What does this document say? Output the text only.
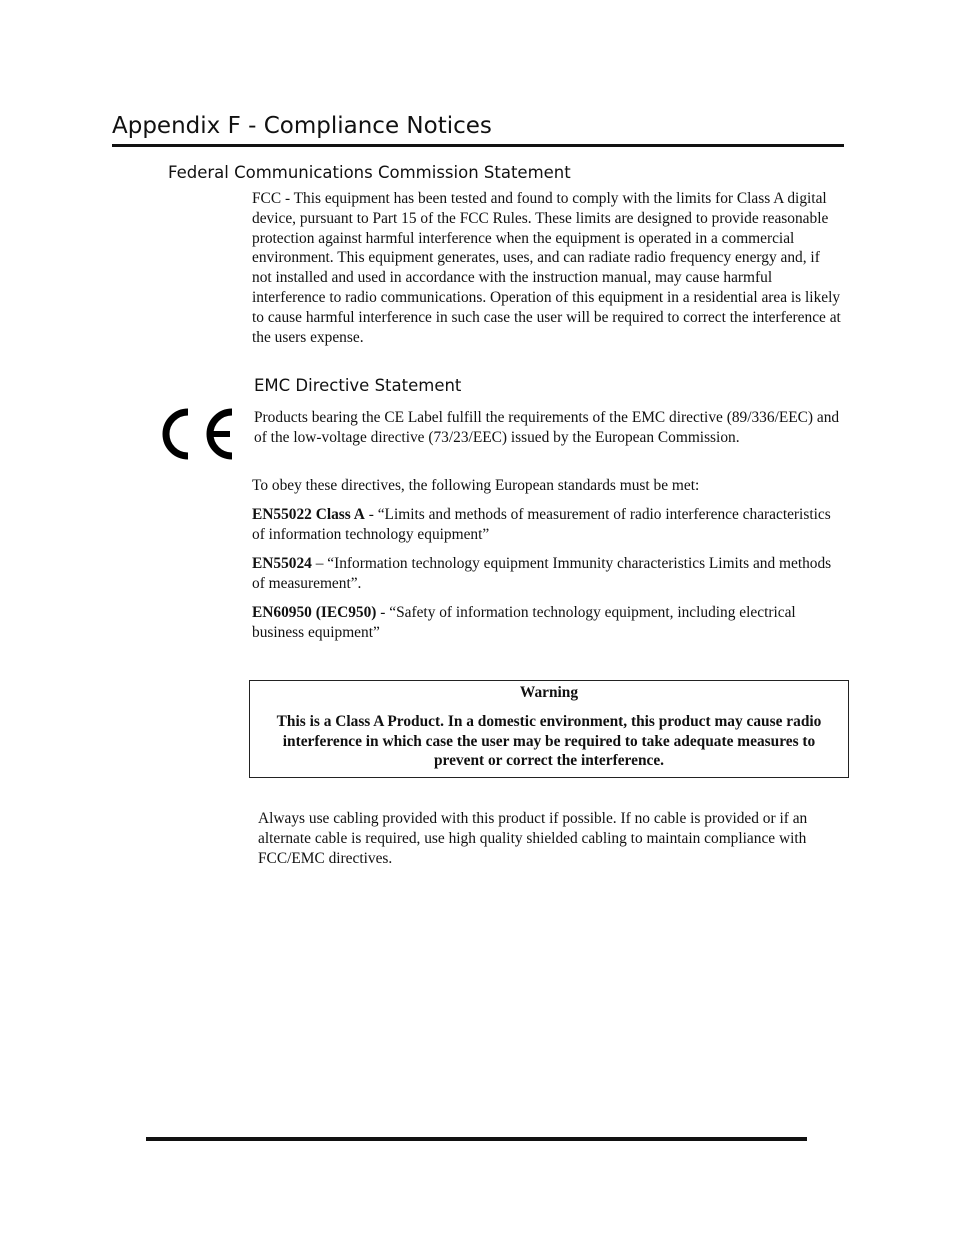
Appendix F - Compliance Notices
Federal Communications Commission Statement

FCC - This equipment has been tested and found to comply with the limits for Class A digital device, pursuant to Part 15 of the FCC Rules. These limits are designed to provide reasonable protection against harmful interference when the equipment is operated in a commercial environment. This equipment generates, uses, and can radiate radio frequency energy and, if not installed and used in accordance with the instruction manual, may cause harmful interference to radio communications. Operation of this equipment in a residential area is likely to cause harmful interference in such case the user will be required to correct the interference at the users expense.

EMC Directive Statement

Products bearing the CE Label fulfill the requirements of the EMC directive (89/336/EEC) and of the low-voltage directive (73/23/EEC) issued by the European Commission.

To obey these directives, the following European standards must be met:

EN55022 Class A - “Limits and methods of measurement of radio interference characteristics of information technology equipment”

EN55024 – “Information technology equipment Immunity characteristics Limits and methods of measurement”.

EN60950 (IEC950) - “Safety of information technology equipment, including electrical business equipment”

Warning
This is a Class A Product. In a domestic environment, this product may cause radio interference in which case the user may be required to take adequate measures to prevent or correct the interference.

Always use cabling provided with this product if possible. If no cable is provided or if an alternate cable is required, use high quality shielded cabling to maintain compliance with FCC/EMC directives.
